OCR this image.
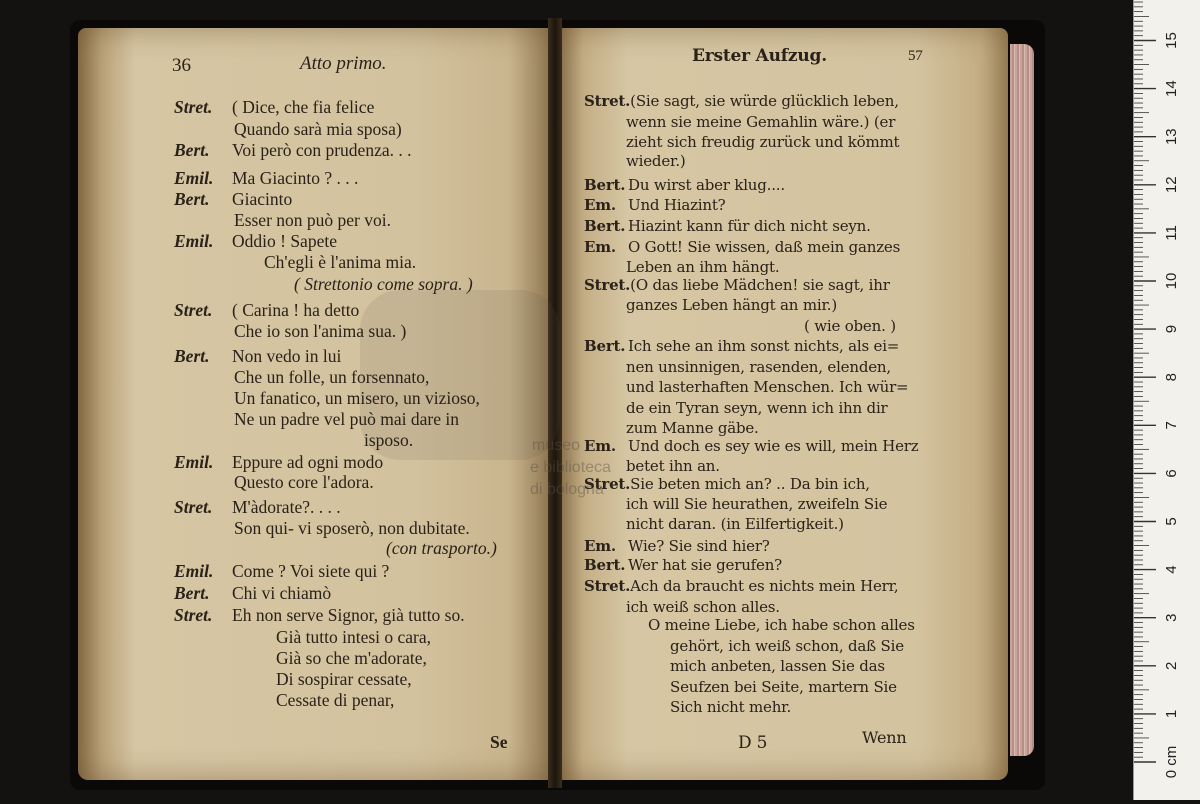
museo
e biblioteca
di bologna
36	Atto primo.
Stret. ( Dice, che fia felice
Quando sarà mia sposa)
Bert. Voi però con prudenza. . .
Emil. Ma Giacinto ? . . .
Bert. Giacinto
Esser non può per voi.
Emil. Oddio ! Sapete
Ch'egli è l'anima mia.
( Strettonio come sopra. )
Stret. ( Carina ! ha detto
Che io son l'anima sua. )
Bert. Non vedo in lui
Che un folle, un forsennato,
Un fanatico, un misero, un vizioso,
Ne un padre vel può mai dare in
isposo.
Emil. Eppure ad ogni modo
Questo core l'adora.
Stret. M'àdorate?. . . .
Son qui- vi sposerò, non dubitate.
(con trasporto.)
Emil. Come ? Voi siete qui ?
Bert. Chi vi chiamò
Stret. Eh non serve Signor, già tutto so.
Già tutto intesi o cara,
Già so che m'adorate,
Di sospirar cessate,
Cessate di penar,
Se
Erster Aufzug.	57
Stret.(Sie sagt, sie würde glücklich leben,
wenn sie meine Gemahlin wäre.) (er
zieht sich freudig zurück und kömmt
wieder.)
Bert. Du wirst aber klug....
Em. Und Hiazint?
Bert. Hiazint kann für dich nicht seyn.
Em. O Gott! Sie wissen, daß mein ganzes
Leben an ihm hängt.
Stret.(O das liebe Mädchen! sie sagt, ihr
ganzes Leben hängt an mir.)
( wie oben. )
Bert. Ich sehe an ihm sonst nichts, als ei=
nen unsinnigen, rasenden, elenden,
und lasterhaften Menschen. Ich wür=
de ein Tyran seyn, wenn ich ihn dir
zum Manne gäbe.
Em. Und doch es sey wie es will, mein Herz
betet ihn an.
Stret.Sie beten mich an? .. Da bin ich,
ich will Sie heurathen, zweifeln Sie
nicht daran. (in Eilfertigkeit.)
Em. Wie? Sie sind hier?
Bert. Wer hat sie gerufen?
Stret.Ach da braucht es nichts mein Herr,
ich weiß schon alles.
O meine Liebe, ich habe schon alles
gehört, ich weiß schon, daß Sie
mich anbeten, lassen Sie das
Seufzen bei Seite, martern Sie
Sich nicht mehr.
D 5	Wenn
0 cm
1
2
3
4
5
6
7
8
9
10
11
12
13
14
15
